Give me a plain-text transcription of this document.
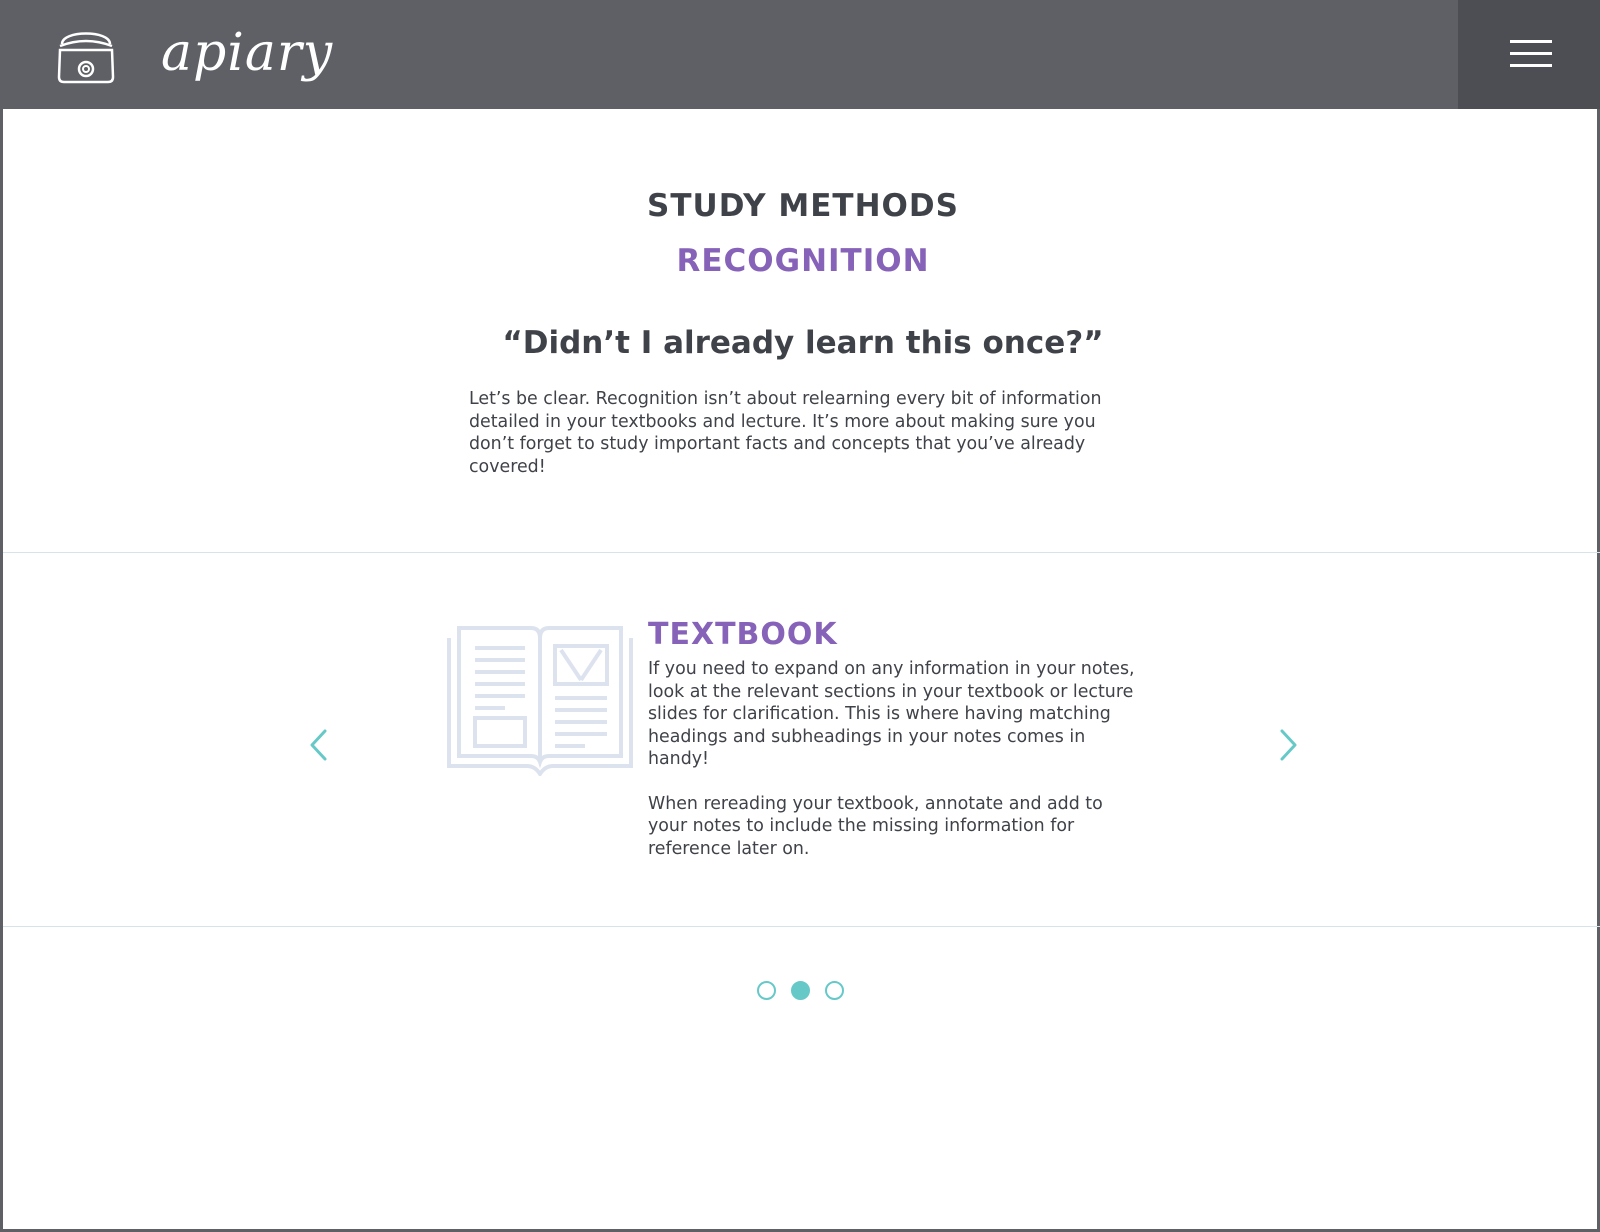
apiary
STUDY METHODS
RECOGNITION
“Didn’t I already learn this once?”

Let’s be clear. Recognition isn’t about relearning every bit of information detailed in your textbooks and lecture. It’s more about making sure you don’t forget to study important facts and concepts that you’ve already covered!

TEXTBOOK

If you need to expand on any information in your notes, look at the relevant sections in your textbook or lecture slides for clarification. This is where having matching headings and subheadings in your notes comes in handy!

When rereading your textbook, annotate and add to your notes to include the missing information for reference later on.
